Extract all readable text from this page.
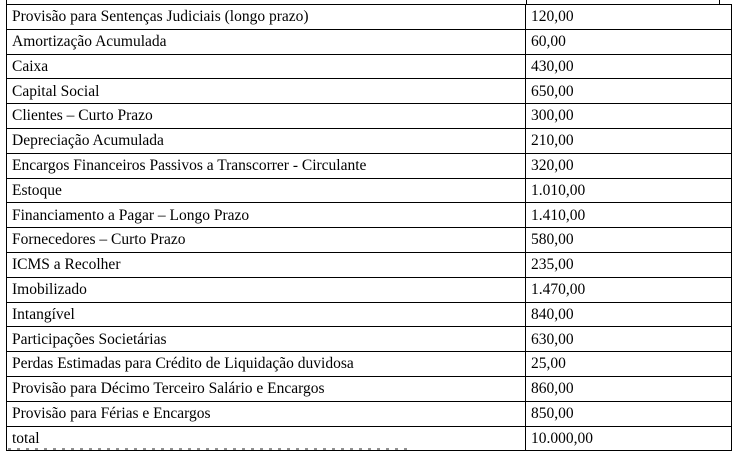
Provisão para Sentenças Judiciais (longo prazo)	120,00
Amortização Acumulada	60,00
Caixa	430,00
Capital Social	650,00
Clientes – Curto Prazo	300,00
Depreciação Acumulada	210,00
Encargos Financeiros Passivos a Transcorrer - Circulante	320,00
Estoque	1.010,00
Financiamento a Pagar – Longo Prazo	1.410,00
Fornecedores – Curto Prazo	580,00
ICMS a Recolher	235,00
Imobilizado	1.470,00
Intangível	840,00
Participações Societárias	630,00
Perdas Estimadas para Crédito de Liquidação duvidosa	25,00
Provisão para Décimo Terceiro Salário e Encargos	860,00
Provisão para Férias e Encargos	850,00
total	10.000,00
